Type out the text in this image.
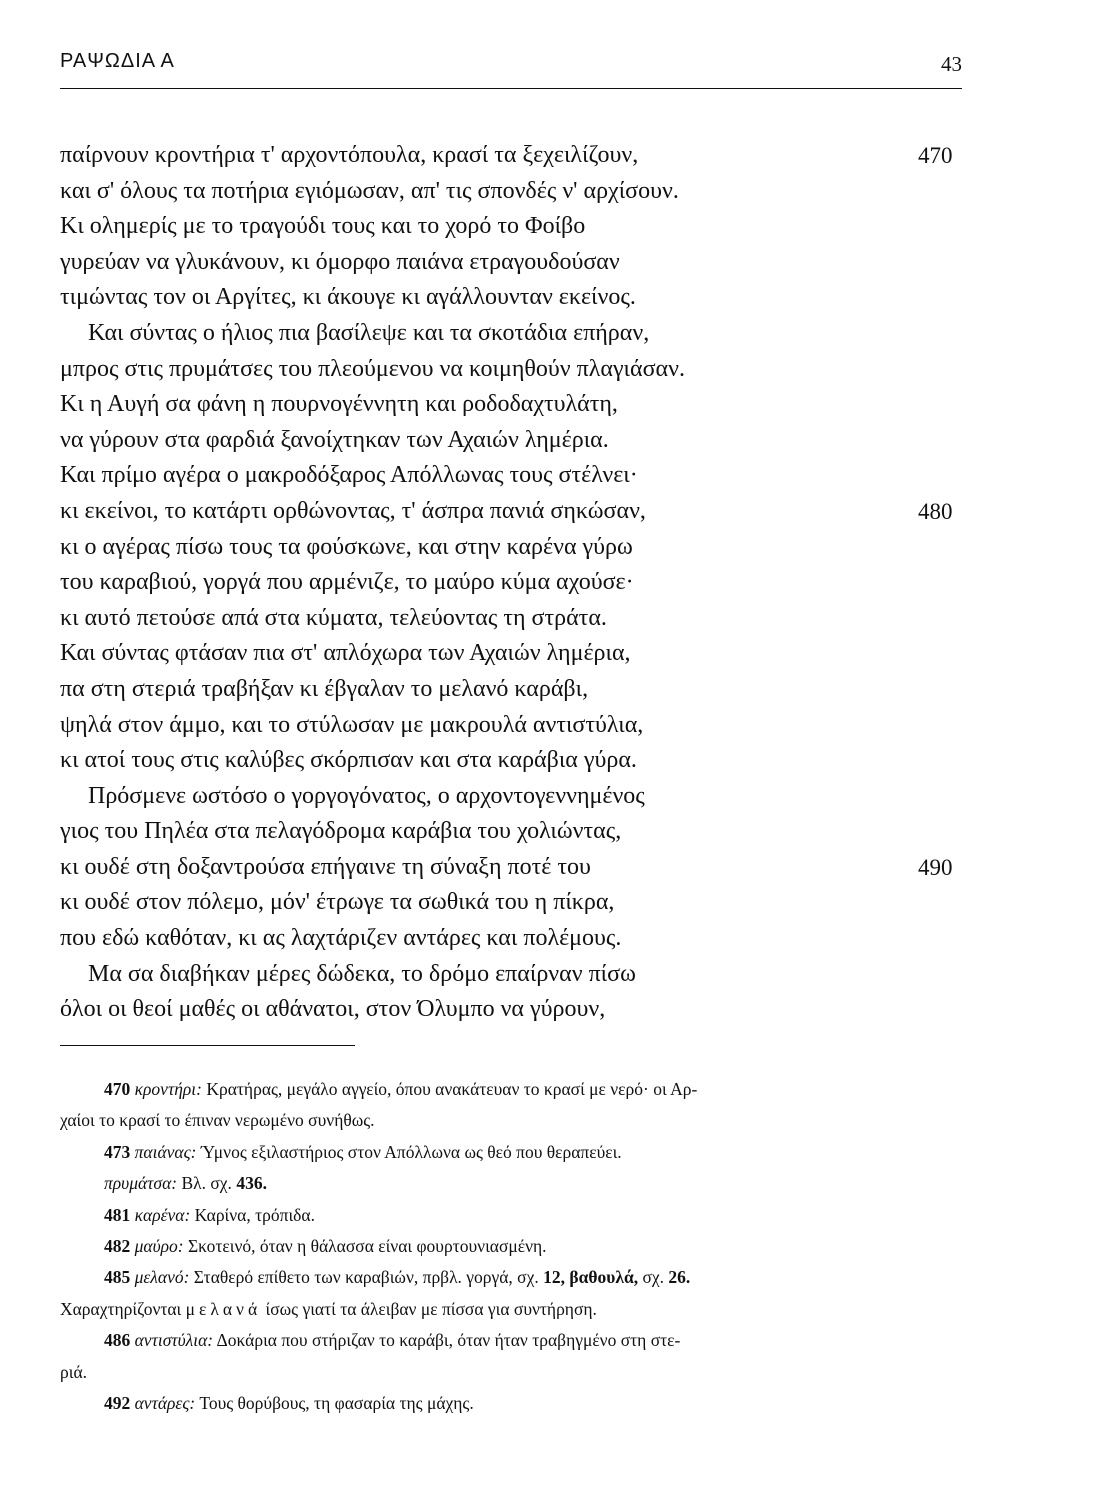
ΡΑΨΩΔΙΑ Α	43
παίρνουν κροντήρια τ' αρχοντόπουλα, κρασί τα ξεχειλίζουν,	470
και σ' όλους τα ποτήρια εγιόμωσαν, απ' τις σπονδές ν' αρχίσουν.
Κι ολημερίς με το τραγούδι τους και το χορό το Φοίβο
γυρεύαν να γλυκάνουν, κι όμορφο παιάνα ετραγουδούσαν
τιμώντας τον οι Αργίτες, κι άκουγε κι αγάλλουνταν εκείνος.
Και σύντας ο ήλιος πια βασίλεψε και τα σκοτάδια επήραν,
μπρος στις πρυμάτσες του πλεούμενου να κοιμηθούν πλαγιάσαν.
Κι η Αυγή σα φάνη η πουρνογέννητη και ροδοδαχτυλάτη,
να γύρουν στα φαρδιά ξανοίχτηκαν των Αχαιών λημέρια.
Και πρίμο αγέρα ο μακροδόξαρος Απόλλωνας τους στέλνει·
κι εκείνοι, το κατάρτι ορθώνοντας, τ' άσπρα πανιά σηκώσαν,	480
κι ο αγέρας πίσω τους τα φούσκωνε, και στην καρένα γύρω
του καραβιού, γοργά που αρμένιζε, το μαύρο κύμα αχούσε·
κι αυτό πετούσε απά στα κύματα, τελεύοντας τη στράτα.
Και σύντας φτάσαν πια στ' απλόχωρα των Αχαιών λημέρια,
πα στη στεριά τραβήξαν κι έβγαλαν το μελανό καράβι,
ψηλά στον άμμο, και το στύλωσαν με μακρουλά αντιστύλια,
κι ατοί τους στις καλύβες σκόρπισαν και στα καράβια γύρα.
Πρόσμενε ωστόσο ο γοργογόνατος, ο αρχοντογεννημένος
γιος του Πηλέα στα πελαγόδρομα καράβια του χολιώντας,
κι ουδέ στη δοξαντρούσα επήγαινε τη σύναξη ποτέ του	490
κι ουδέ στον πόλεμο, μόν' έτρωγε τα σωθικά του η πίκρα,
που εδώ καθόταν, κι ας λαχτάριζεν αντάρες και πολέμους.
Μα σα διαβήκαν μέρες δώδεκα, το δρόμο επαίρναν πίσω
όλοι οι θεοί μαθές οι αθάνατοι, στον Όλυμπο να γύρουν,
470 κροντήρι: Κρατήρας, μεγάλο αγγείο, όπου ανακάτευαν το κρασί με νερό· οι Αρ-
χαίοι το κρασί το έπιναν νερωμένο συνήθως.
473 παιάνας: Ύμνος εξιλαστήριος στον Απόλλωνα ως θεό που θεραπεύει.
πρυμάτσα: Βλ. σχ. 436.
481 καρένα: Καρίνα, τρόπιδα.
482 μαύρο: Σκοτεινό, όταν η θάλασσα είναι φουρτουνιασμένη.
485 μελανό: Σταθερό επίθετο των καραβιών, πρβλ. γοργά, σχ. 12, βαθουλά, σχ. 26.
Χαραχτηρίζονται μελανά ίσως γιατί τα άλειβαν με πίσσα για συντήρηση.
486 αντιστύλια: Δοκάρια που στήριζαν το καράβι, όταν ήταν τραβηγμένο στη στε-
ριά.
492 αντάρες: Τους θορύβους, τη φασαρία της μάχης.
